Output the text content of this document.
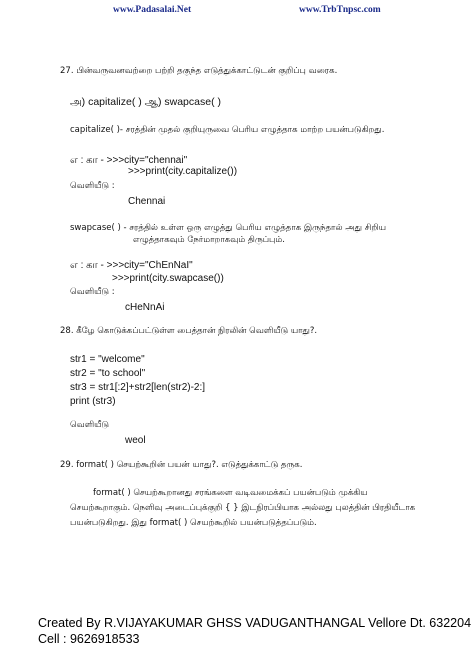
www.Padasalai.Net	www.TrbTnpsc.com
27. பின்வருவனவற்றை பற்றி தகுந்த எடுத்துக்காட்டுடன் குறிப்பு வரைக.
அ) capitalize( ) ஆ) swapcase( )
capitalize( )- சரத்தின் முதல் குறியுருவை பெரிய எழுத்தாக மாற்ற பயன்படுகிறது.
எ : கா - >>>city="chennai"
>>>print(city.capitalize())
வெளியீடு :
Chennai
swapcase( ) - சரத்தில் உள்ள ஒரு எழுத்து பெரிய எழுத்தாக இருந்தால் அது சிறிய
எழுத்தாகவும் நேர்மாறாகவும் திருப்பும்.
எ : கா - >>>city="ChEnNaI"
>>>print(city.swapcase())
வெளியீடு :
cHeNnAi
28. கீழே கொடுக்கப்பட்டுள்ள பைத்தான் நிரலின் வெளியீடு யாது?.
str1 = "welcome"
str2 = "to school"
str3 = str1[:2]+str2[len(str2)-2:]
print (str3)
வெளியீடு
weol
29. format( ) செயற்கூறின் பயன் யாது?. எடுத்துக்காட்டு தருக.
format( ) செயற்கூறானது சரங்களை வடிவமைக்கப் பயன்படும் முக்கிய
செயற்கூறாகும். நெளிவு அடைப்புக்குறி { } இடநிரப்பியாக அல்லது புலத்தின் பிரதியீடாக
பயன்படுகிறது. இது format( ) செயற்கூறில் பயன்படுத்தப்படும்.
Created By R.VIJAYAKUMAR GHSS VADUGANTHANGAL Vellore Dt. 632204
Cell : 9626918533
